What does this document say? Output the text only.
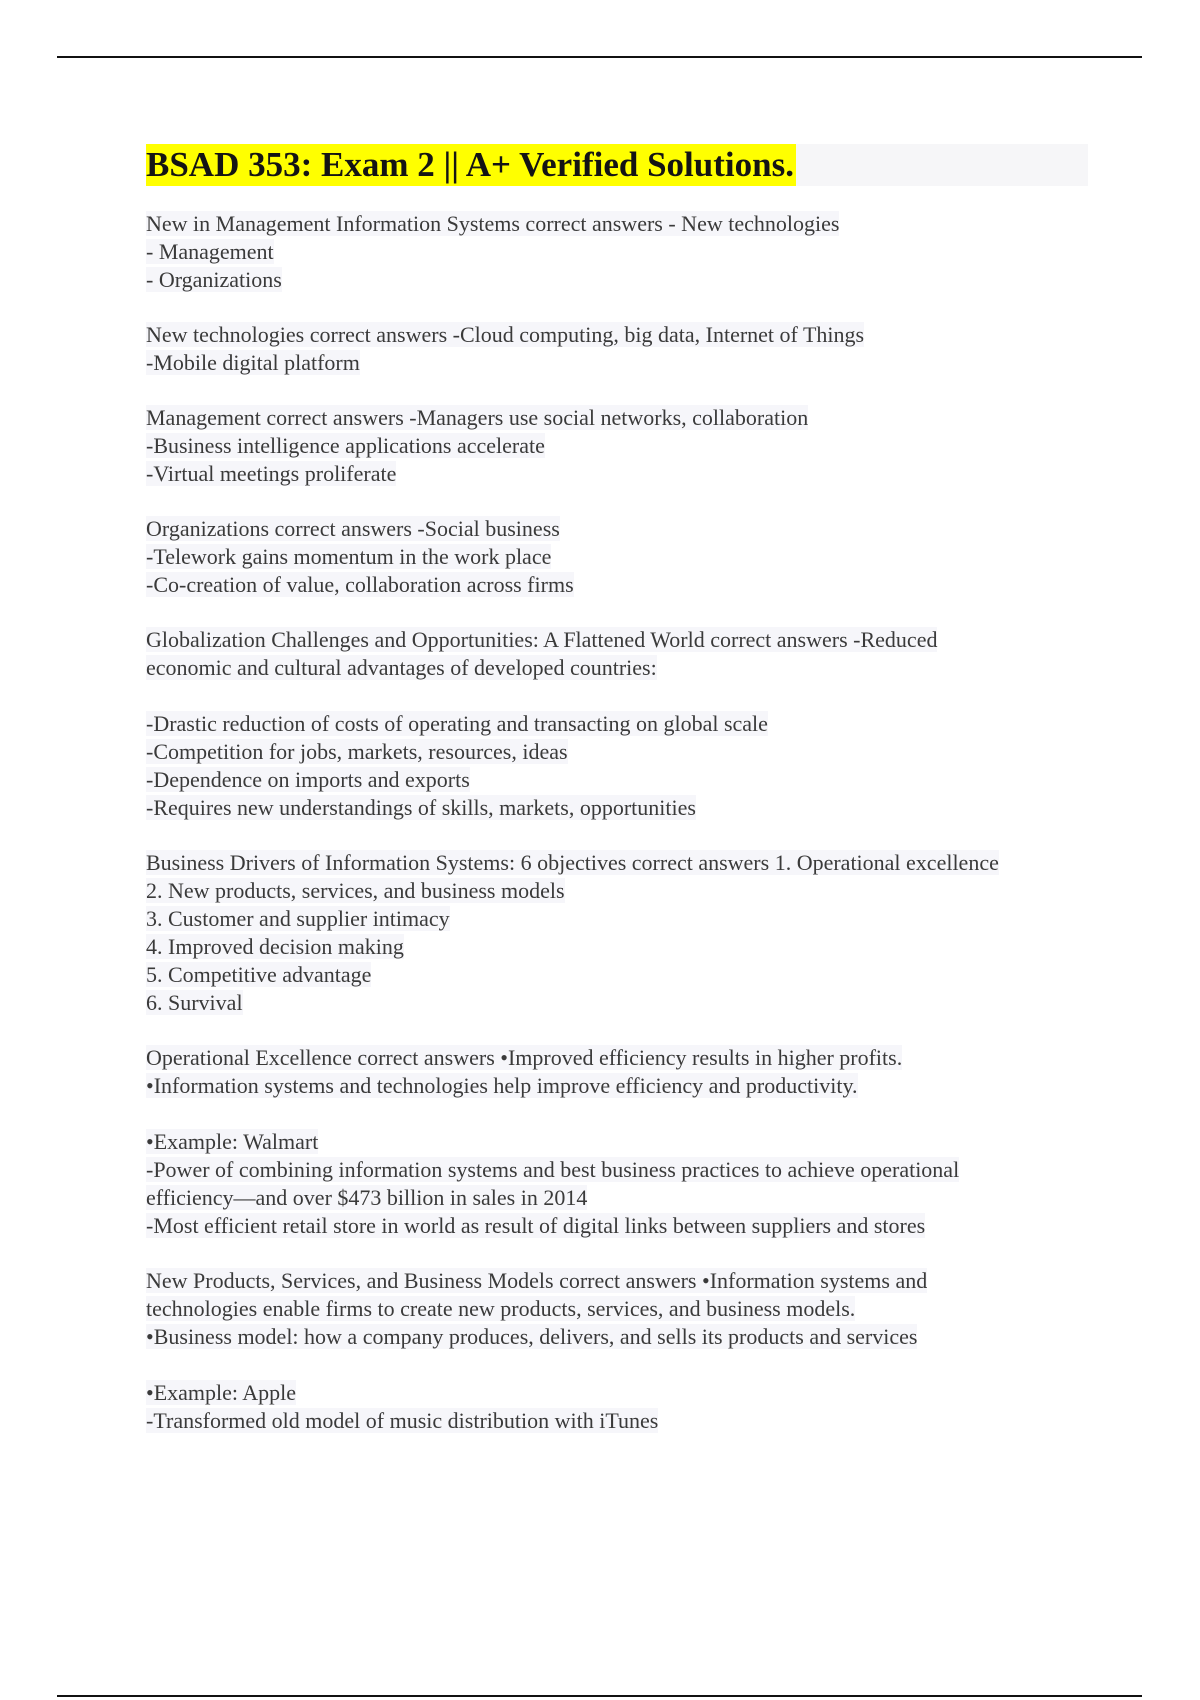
BSAD 353: Exam 2 || A+ Verified Solutions.
New in Management Information Systems correct answers - New technologies
- Management
- Organizations
New technologies correct answers -Cloud computing, big data, Internet of Things
-Mobile digital platform
Management correct answers -Managers use social networks, collaboration
-Business intelligence applications accelerate
-Virtual meetings proliferate
Organizations correct answers -Social business
-Telework gains momentum in the work place
-Co-creation of value, collaboration across firms
Globalization Challenges and Opportunities: A Flattened World correct answers -Reduced
economic and cultural advantages of developed countries:
-Drastic reduction of costs of operating and transacting on global scale
-Competition for jobs, markets, resources, ideas
-Dependence on imports and exports
-Requires new understandings of skills, markets, opportunities
Business Drivers of Information Systems: 6 objectives correct answers 1. Operational excellence
2. New products, services, and business models
3. Customer and supplier intimacy
4. Improved decision making
5. Competitive advantage
6. Survival
Operational Excellence correct answers •Improved efficiency results in higher profits.
•Information systems and technologies help improve efficiency and productivity.
•Example: Walmart
-Power of combining information systems and best business practices to achieve operational
efficiency—and over $473 billion in sales in 2014
-Most efficient retail store in world as result of digital links between suppliers and stores
New Products, Services, and Business Models correct answers •Information systems and
technologies enable firms to create new products, services, and business models.
•Business model: how a company produces, delivers, and sells its products and services
•Example: Apple
-Transformed old model of music distribution with iTunes
